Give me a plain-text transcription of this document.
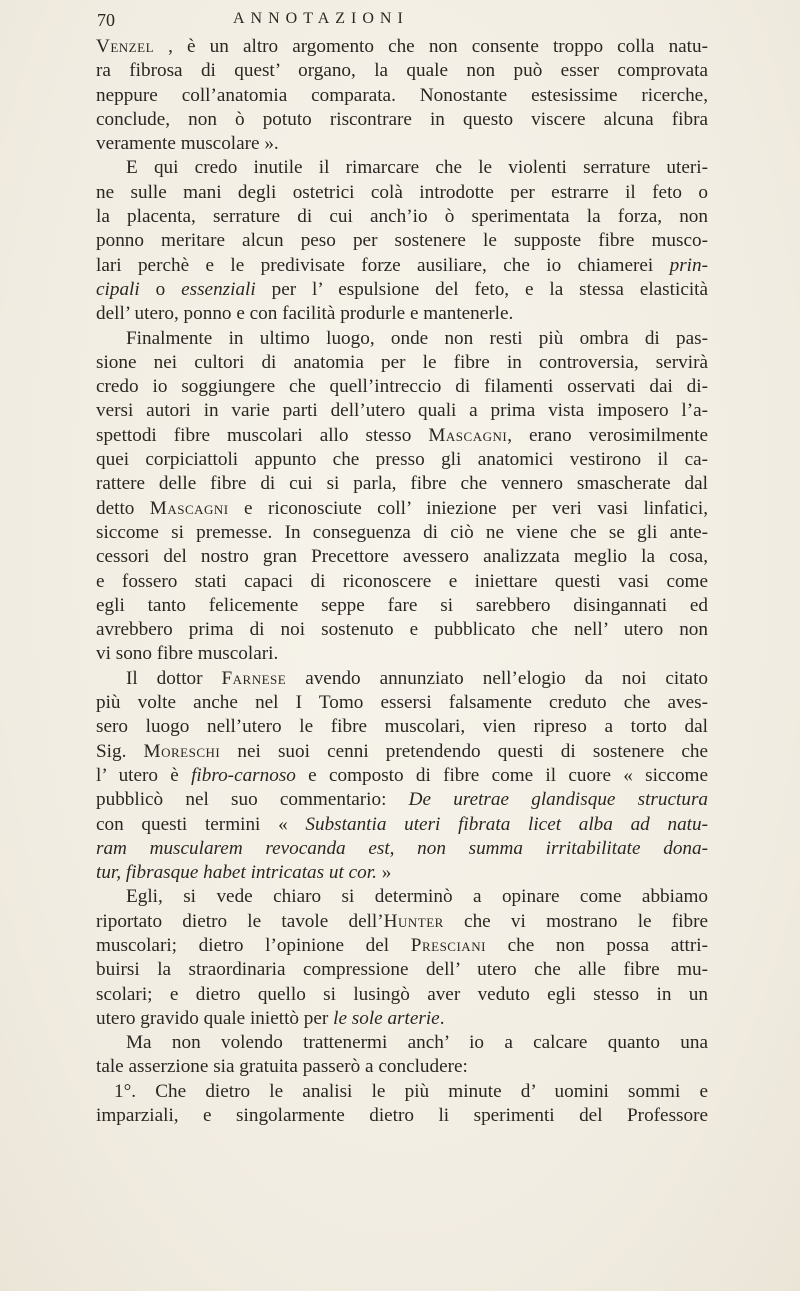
70	ANNOTAZIONI
Venzel , è un altro argomento che non consente troppo colla natu-
ra fibrosa di quest’ organo, la quale non può esser comprovata
neppure coll’anatomia comparata. Nonostante estesissime ricerche,
conclude, non ò potuto riscontrare in questo viscere alcuna fibra
veramente muscolare ».
E qui credo inutile il rimarcare che le violenti serrature uteri-
ne sulle mani degli ostetrici colà introdotte per estrarre il feto o
la placenta, serrature di cui anch’io ò sperimentata la forza, non
ponno meritare alcun peso per sostenere le supposte fibre musco-
lari perchè e le predivisate forze ausiliare, che io chiamerei prin-
cipali o essenziali per l’ espulsione del feto, e la stessa elasticità
dell’ utero, ponno e con facilità produrle e mantenerle.
Finalmente in ultimo luogo, onde non resti più ombra di pas-
sione nei cultori di anatomia per le fibre in controversia, servirà
credo io soggiungere che quell’intreccio di filamenti osservati dai di-
versi autori in varie parti dell’utero quali a prima vista imposero l’a-
spettodi fibre muscolari allo stesso Mascagni, erano verosimilmente
quei corpiciattoli appunto che presso gli anatomici vestirono il ca-
rattere delle fibre di cui si parla, fibre che vennero smascherate dal
detto Mascagni e riconosciute coll’ iniezione per veri vasi linfatici,
siccome si premesse. In conseguenza di ciò ne viene che se gli ante-
cessori del nostro gran Precettore avessero analizzata meglio la cosa,
e fossero stati capaci di riconoscere e iniettare questi vasi come
egli tanto felicemente seppe fare si sarebbero disingannati ed
avrebbero prima di noi sostenuto e pubblicato che nell’ utero non
vi sono fibre muscolari.
Il dottor Farnese avendo annunziato nell’elogio da noi citato
più volte anche nel I Tomo essersi falsamente creduto che aves-
sero luogo nell’utero le fibre muscolari, vien ripreso a torto dal
Sig. Moreschi nei suoi cenni pretendendo questi di sostenere che
l’ utero è fibro-carnoso e composto di fibre come il cuore « siccome
pubblicò nel suo commentario: De uretrae glandisque structura
con questi termini « Substantia uteri fibrata licet alba ad natu-
ram muscularem revocanda est, non summa irritabilitate dona-
tur, fibrasque habet intricatas ut cor. »
Egli, si vede chiaro si determinò a opinare come abbiamo
riportato dietro le tavole dell’Hunter che vi mostrano le fibre
muscolari; dietro l’opinione del Presciani che non possa attri-
buirsi la straordinaria compressione dell’ utero che alle fibre mu-
scolari; e dietro quello si lusingò aver veduto egli stesso in un
utero gravido quale iniettò per le sole arterie.
Ma non volendo trattenermi anch’ io a calcare quanto una
tale asserzione sia gratuita passerò a concludere:
1°. Che dietro le analisi le più minute d’ uomini sommi e
imparziali, e singolarmente dietro li sperimenti del Professore
